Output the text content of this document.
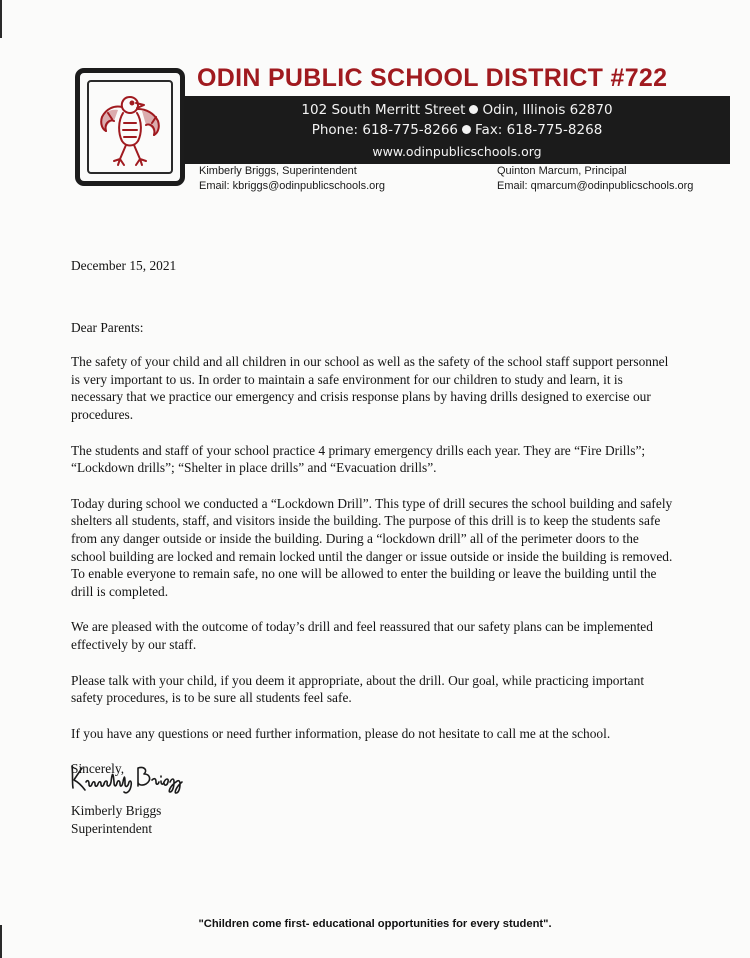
ODIN PUBLIC SCHOOL DISTRICT #722
102 South Merritt Street Odin, Illinois 62870
Phone: 618-775-8266 Fax: 618-775-8268
www.odinpublicschools.org
Kimberly Briggs, Superintendent
Email: kbriggs@odinpublicschools.org
Quinton Marcum, Principal
Email: qmarcum@odinpublicschools.org

December 15, 2021

Dear Parents:

The safety of your child and all children in our school as well as the safety of the school staff support personnel is very important to us. In order to maintain a safe environment for our children to study and learn, it is necessary that we practice our emergency and crisis response plans by having drills designed to exercise our procedures.

The students and staff of your school practice 4 primary emergency drills each year. They are “Fire Drills”; “Lockdown drills”; “Shelter in place drills” and “Evacuation drills”.

Today during school we conducted a “Lockdown Drill”. This type of drill secures the school building and safely shelters all students, staff, and visitors inside the building. The purpose of this drill is to keep the students safe from any danger outside or inside the building. During a “lockdown drill” all of the perimeter doors to the school building are locked and remain locked until the danger or issue outside or inside the building is removed. To enable everyone to remain safe, no one will be allowed to enter the building or leave the building until the drill is completed.

We are pleased with the outcome of today’s drill and feel reassured that our safety plans can be implemented effectively by our staff.

Please talk with your child, if you deem it appropriate, about the drill. Our goal, while practicing important safety procedures, is to be sure all students feel safe.

If you have any questions or need further information, please do not hesitate to call me at the school.

Sincerely,

Kimberly Briggs
Superintendent
"Children come first- educational opportunities for every student".
